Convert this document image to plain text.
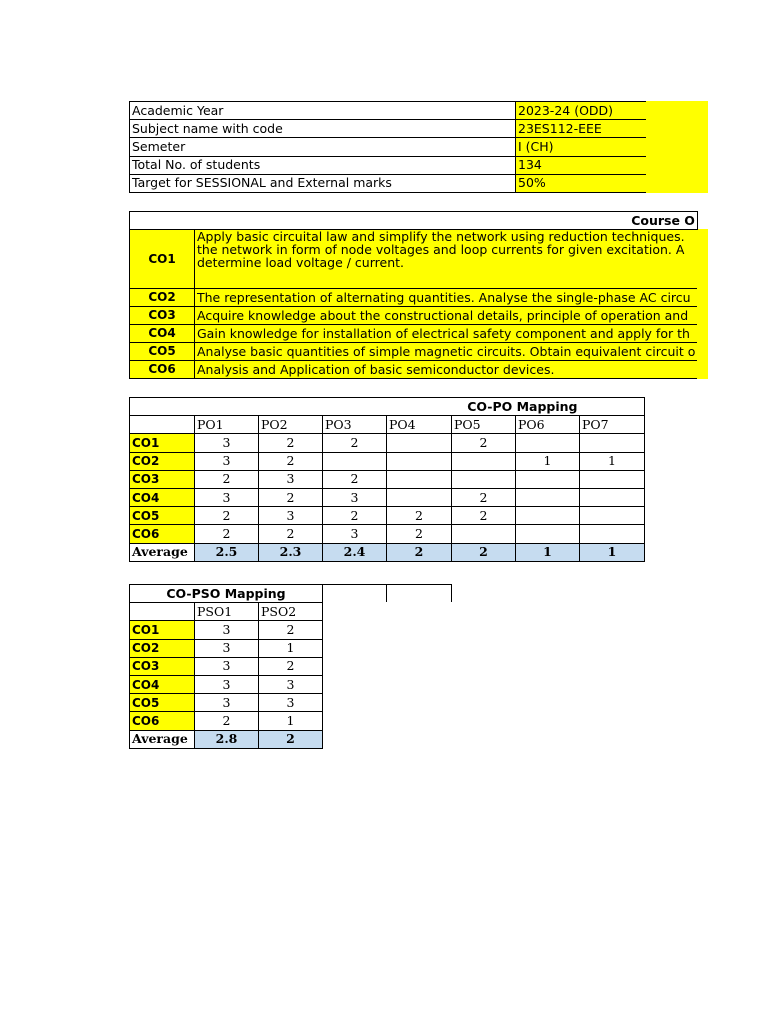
Academic Year	2023-24 (ODD)
Subject name with code	23ES112-EEE
Semeter	I (CH)
Total No. of students	134
Target for SESSIONAL and External marks	50%
Course O	
CO1	Apply basic circuital law and simplify the network using reduction techniques.
the network in form of node voltages and loop currents for given excitation. A
determine load voltage / current.

CO2	The representation of alternating quantities. Analyse the single-phase AC circu

CO3	Acquire knowledge about the constructional details, principle of operation and

CO4	Gain knowledge for installation of electrical safety component and apply for th

CO5	Analyse basic quantities of simple magnetic circuits. Obtain equivalent circuit o

CO6	Analysis and Application of basic semiconductor devices.
CO-PO Mapping							
	PO1	PO2	PO3	PO4	PO5	PO6	PO7
CO1	3	2	2		2		
CO2	3	2				1	1
CO3	2	3	2				
CO4	3	2	3		2		
CO5	2	3	2	2	2		
CO6	2	2	3	2			
Average	2.5	2.3	2.4	2	2	1	1
CO-PSO Mapping		
	PSO1	PSO2
CO1	3	2
CO2	3	1
CO3	3	2
CO4	3	3
CO5	3	3
CO6	2	1
Average	2.8	2
